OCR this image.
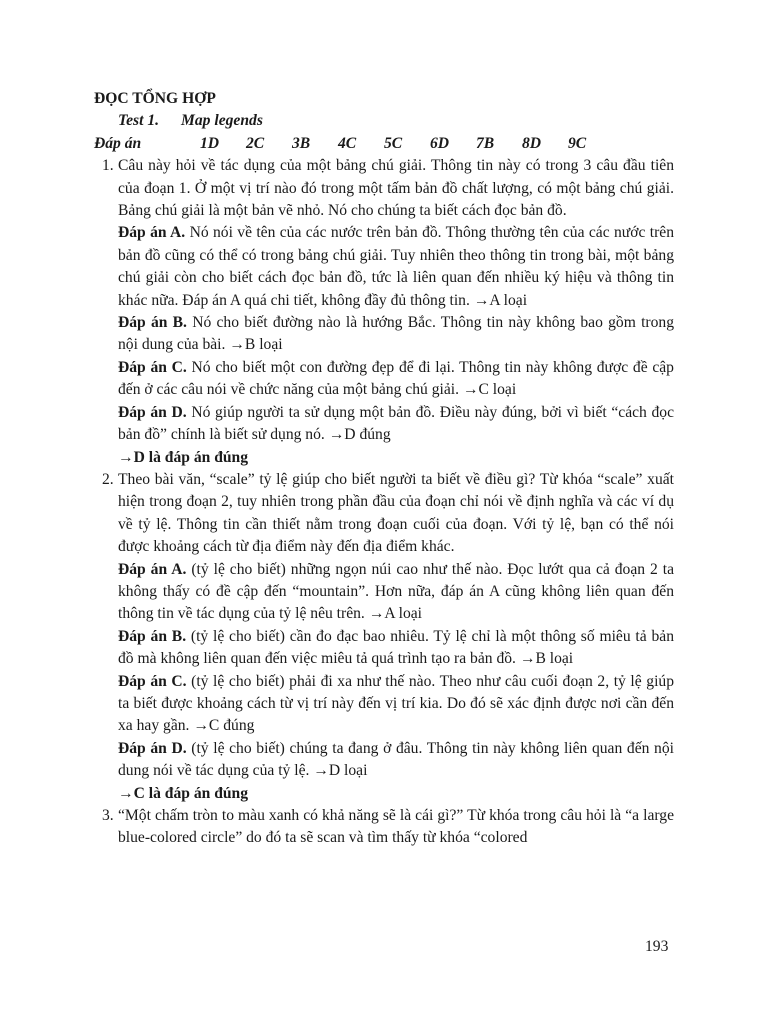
ĐỌC TỔNG HỢP
Test 1. Map legends
Đáp án	1D	2C	3B	4C	5C	6D	7B	8D	9C
1. Câu này hỏi về tác dụng của một bảng chú giải. Thông tin này có trong 3 câu đầu tiên của đoạn 1. Ở một vị trí nào đó trong một tấm bản đồ chất lượng, có một bảng chú giải. Bảng chú giải là một bản vẽ nhỏ. Nó cho chúng ta biết cách đọc bản đồ.

Đáp án A. Nó nói về tên của các nước trên bản đồ. Thông thường tên của các nước trên bản đồ cũng có thể có trong bảng chú giải. Tuy nhiên theo thông tin trong bài, một bảng chú giải còn cho biết cách đọc bản đồ, tức là liên quan đến nhiều ký hiệu và thông tin khác nữa. Đáp án A quá chi tiết, không đầy đủ thông tin. →A loại

Đáp án B. Nó cho biết đường nào là hướng Bắc. Thông tin này không bao gồm trong nội dung của bài. →B loại

Đáp án C. Nó cho biết một con đường đẹp để đi lại. Thông tin này không được đề cập đến ở các câu nói về chức năng của một bảng chú giải. →C loại

Đáp án D. Nó giúp người ta sử dụng một bản đồ. Điều này đúng, bởi vì biết “cách đọc bản đồ” chính là biết sử dụng nó. →D đúng

→D là đáp án đúng

2. Theo bài văn, “scale” tỷ lệ giúp cho biết người ta biết về điều gì? Từ khóa “scale” xuất hiện trong đoạn 2, tuy nhiên trong phần đầu của đoạn chỉ nói về định nghĩa và các ví dụ về tỷ lệ. Thông tin cần thiết nằm trong đoạn cuối của đoạn. Với tỷ lệ, bạn có thể nói được khoảng cách từ địa điểm này đến địa điểm khác.

Đáp án A. (tỷ lệ cho biết) những ngọn núi cao như thế nào. Đọc lướt qua cả đoạn 2 ta không thấy có đề cập đến “mountain”. Hơn nữa, đáp án A cũng không liên quan đến thông tin về tác dụng của tỷ lệ nêu trên. →A loại

Đáp án B. (tỷ lệ cho biết) cần đo đạc bao nhiêu. Tỷ lệ chỉ là một thông số miêu tả bản đồ mà không liên quan đến việc miêu tả quá trình tạo ra bản đồ. →B loại

Đáp án C. (tỷ lệ cho biết) phải đi xa như thế nào. Theo như câu cuối đoạn 2, tỷ lệ giúp ta biết được khoảng cách từ vị trí này đến vị trí kia. Do đó sẽ xác định được nơi cần đến xa hay gần. →C đúng

Đáp án D. (tỷ lệ cho biết) chúng ta đang ở đâu. Thông tin này không liên quan đến nội dung nói về tác dụng của tỷ lệ. →D loại

→C là đáp án đúng

3. “Một chấm tròn to màu xanh có khả năng sẽ là cái gì?” Từ khóa trong câu hỏi là “a large blue-colored circle” do đó ta sẽ scan và tìm thấy từ khóa “colored

193
